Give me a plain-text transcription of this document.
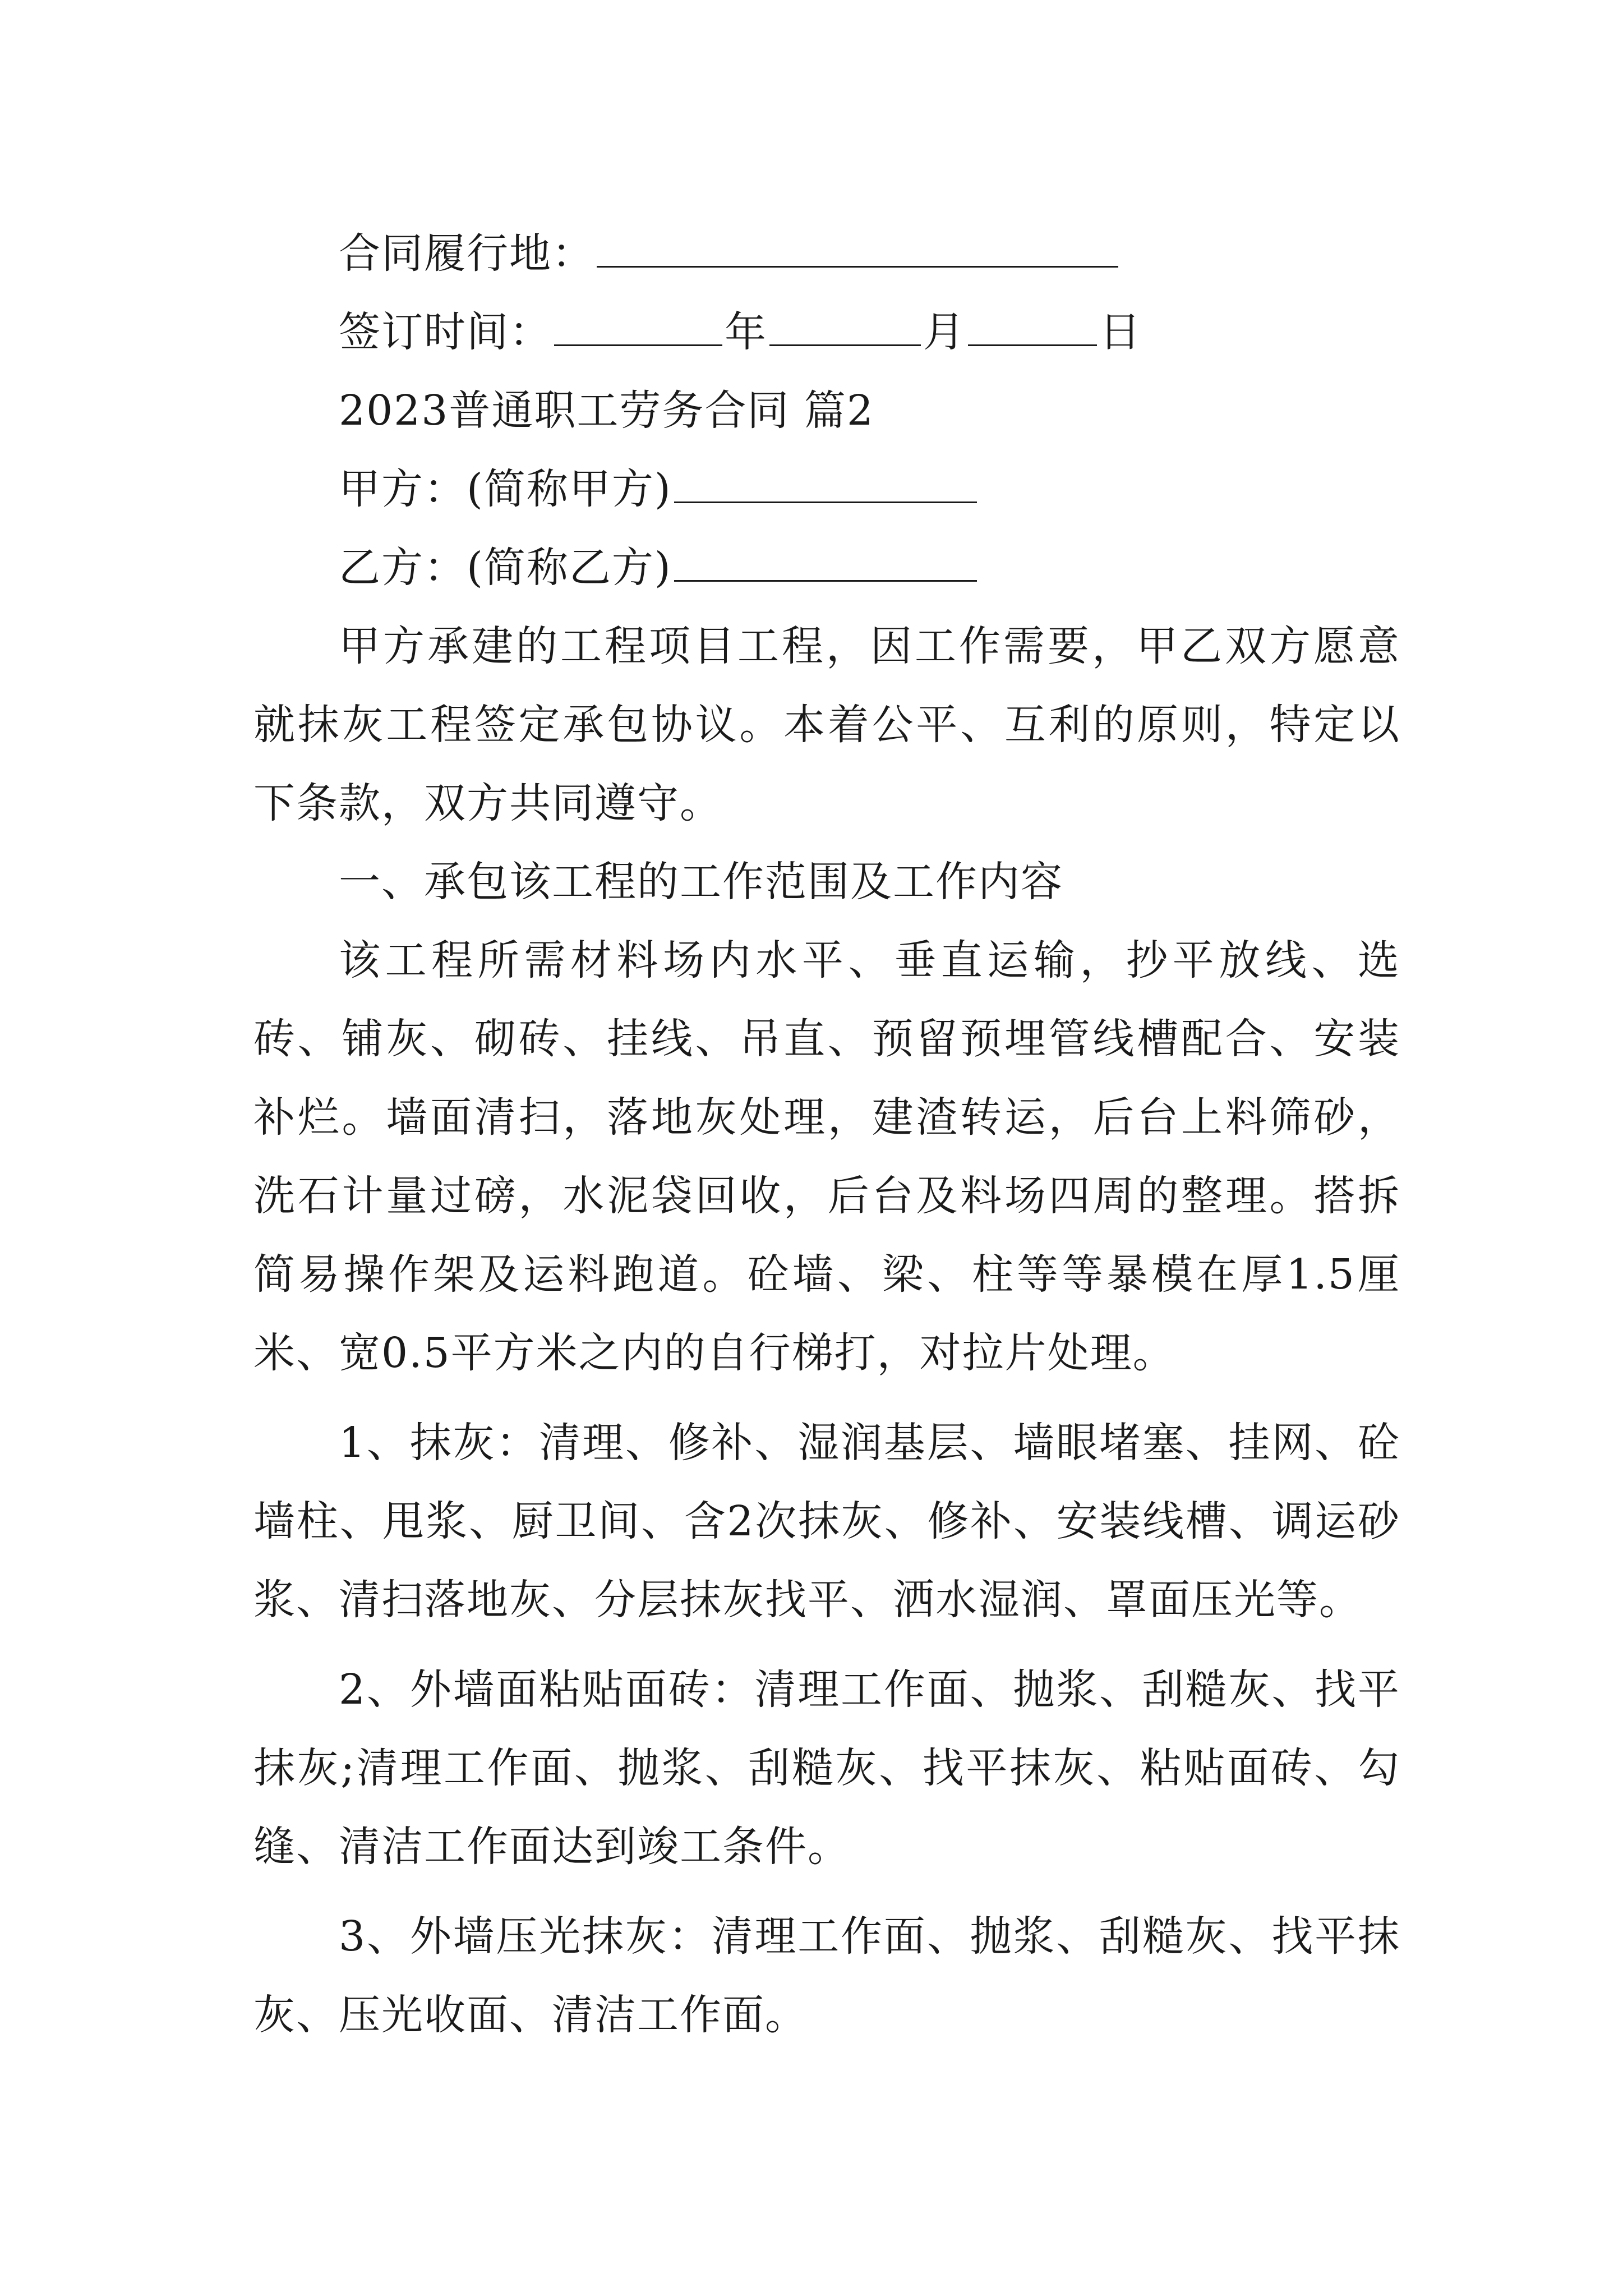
合同履行地：
签订时间：	年	月	日
2023普通职工劳务合同 篇2
甲方：(简称甲方)
乙方：(简称乙方)

甲方承建的工程项目工程，因工作需要，甲乙双方愿意就抹灰工程签定承包协议。本着公平、互利的原则，特定以下条款，双方共同遵守。

一、承包该工程的工作范围及工作内容

该工程所需材料场内水平、垂直运输，抄平放线、选砖、铺灰、砌砖、挂线、吊直、预留预埋管线槽配合、安装补烂。墙面清扫，落地灰处理，建渣转运，后台上料筛砂，洗石计量过磅，水泥袋回收，后台及料场四周的整理。搭拆简易操作架及运料跑道。砼墙、梁、柱等等暴模在厚1.5厘米、宽0.5平方米之内的自行梯打，对拉片处理。

1、抹灰：清理、修补、湿润基层、墙眼堵塞、挂网、砼墙柱、甩浆、厨卫间、含2次抹灰、修补、安装线槽、调运砂浆、清扫落地灰、分层抹灰找平、洒水湿润、罩面压光等。

2、外墙面粘贴面砖：清理工作面、抛浆、刮糙灰、找平抹灰;清理工作面、抛浆、刮糙灰、找平抹灰、粘贴面砖、勾缝、清洁工作面达到竣工条件。

3、外墙压光抹灰：清理工作面、抛浆、刮糙灰、找平抹灰、压光收面、清洁工作面。
